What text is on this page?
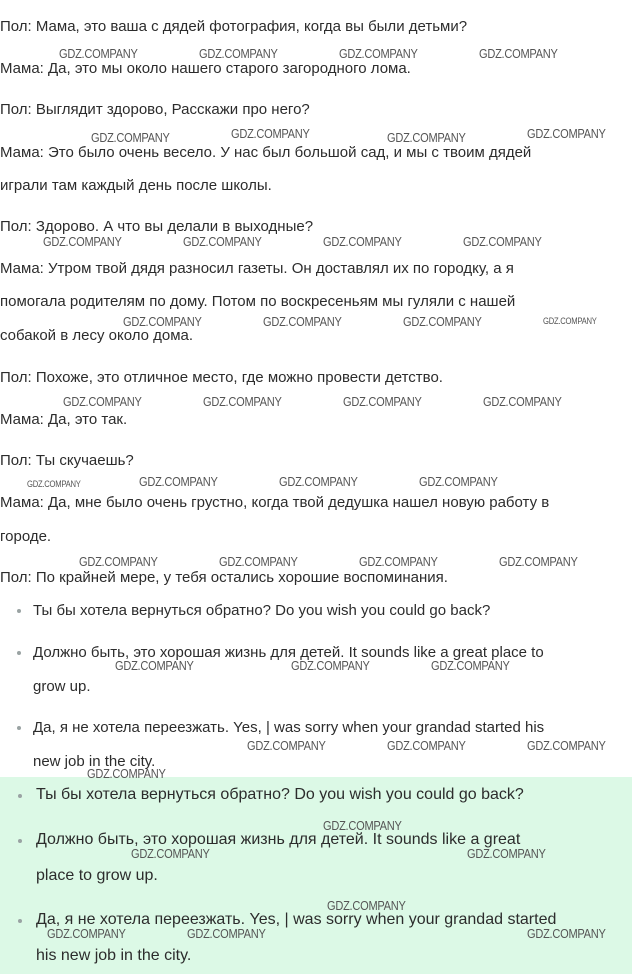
Пол: Мама, это ваша с дядей фотография, когда вы были детьми?

Мама: Да, это мы около нашего старого загородного лома.

Пол: Выглядит здорово, Расскажи про него?

Мама: Это было очень весело. У нас был большой сад, и мы с твоим дядей

играли там каждый день после школы.

Пол: Здорово. А что вы делали в выходные?

Мама: Утром твой дядя разносил газеты. Он доставлял их по городку, а я

помогала родителям по дому. Потом по воскресеньям мы гуляли с нашей

собакой в лесу около дома.

Пол: Похоже, это отличное место, где можно провести детство.

Мама: Да, это так.

Пол: Ты скучаешь?

Мама: Да, мне было очень грустно, когда твой дедушка нашел новую работу в

городе.

Пол: По крайней мере, у тебя остались хорошие воспоминания.

Ты бы хотела вернуться обратно? Do you wish you could go back?
Должно быть, это хорошая жизнь для детей. It sounds like a great place to
grow up.
Да, я не хотела переезжать. Yes, | was sorry when your grandad started his
new job in the city.
Ты бы хотела вернуться обратно? Do you wish you could go back?
Должно быть, это хорошая жизнь для детей. It sounds like a great
place to grow up.
Да, я не хотела переезжать. Yes, | was sorry when your grandad started
his new job in the city.
GDZ.COMPANY	GDZ.COMPANY	GDZ.COMPANY	GDZ.COMPANY
GDZ.COMPANY	GDZ.COMPANY	GDZ.COMPANY	GDZ.COMPANY
GDZ.COMPANY	GDZ.COMPANY	GDZ.COMPANY	GDZ.COMPANY
GDZ.COMPANY	GDZ.COMPANY	GDZ.COMPANY	GDZ.COMPANY
GDZ.COMPANY	GDZ.COMPANY	GDZ.COMPANY	GDZ.COMPANY
GDZ.COMPANY	GDZ.COMPANY	GDZ.COMPANY	GDZ.COMPANY
GDZ.COMPANY	GDZ.COMPANY	GDZ.COMPANY	GDZ.COMPANY
GDZ.COMPANY	GDZ.COMPANY	GDZ.COMPANY
GDZ.COMPANY	GDZ.COMPANY	GDZ.COMPANY
GDZ.COMPANY
GDZ.COMPANY
GDZ.COMPANY	GDZ.COMPANY
GDZ.COMPANY
GDZ.COMPANY	GDZ.COMPANY	GDZ.COMPANY
